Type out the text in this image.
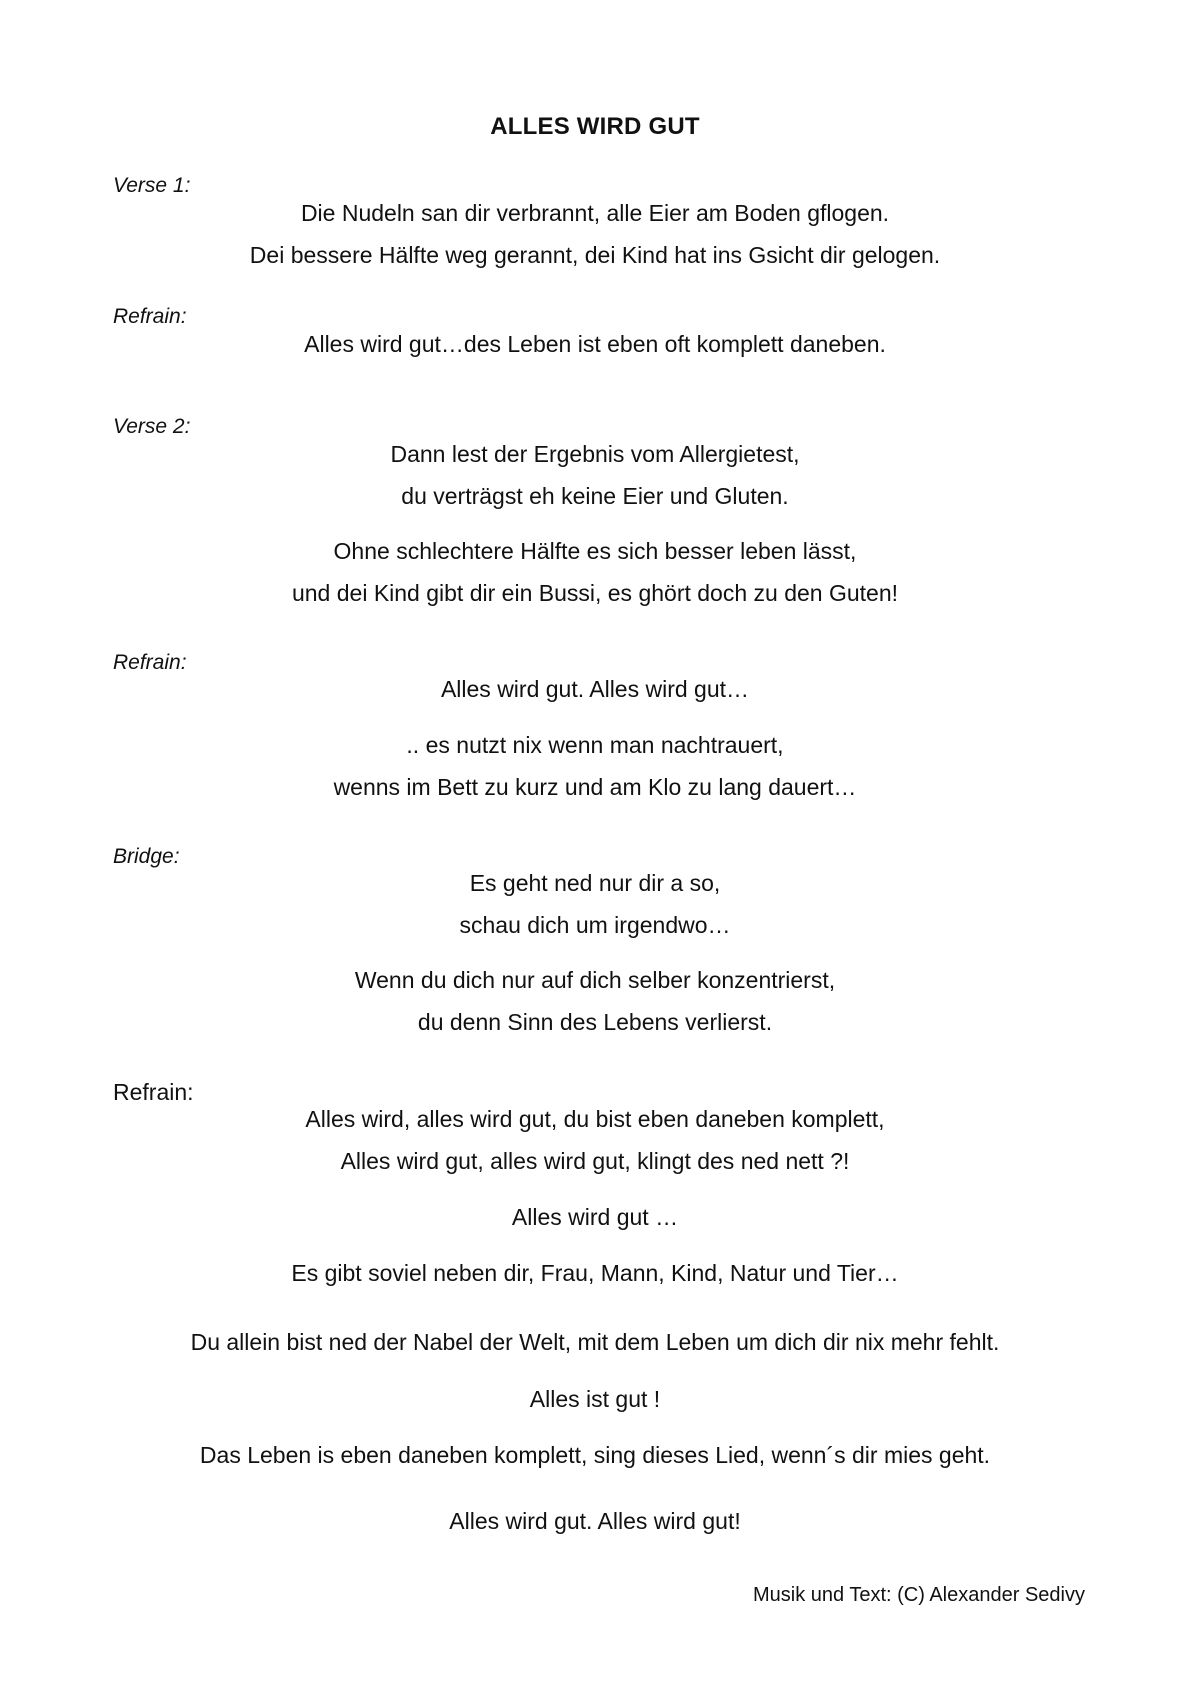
ALLES WIRD GUT
Verse 1:
Die Nudeln san dir verbrannt, alle Eier am Boden gflogen.
Dei bessere Hälfte weg gerannt, dei Kind hat ins Gsicht dir gelogen.
Refrain:
Alles wird gut…des Leben ist eben oft komplett daneben.
Verse 2:
Dann lest der Ergebnis vom Allergietest,
du verträgst eh keine Eier und Gluten.
Ohne schlechtere Hälfte es sich besser leben lässt,
und dei Kind gibt dir ein Bussi, es ghört doch zu den Guten!
Refrain:
Alles wird gut. Alles wird gut…
.. es nutzt nix wenn man nachtrauert,
wenns im Bett zu kurz und am Klo zu lang dauert…
Bridge:
Es geht ned nur dir a so,
schau dich um irgendwo…
Wenn du dich nur auf dich selber konzentrierst,
du denn Sinn des Lebens verlierst.
Refrain:
Alles wird, alles wird gut, du bist eben daneben komplett,
Alles wird gut, alles wird gut, klingt des ned nett ?!
Alles wird gut …
Es gibt soviel neben dir, Frau, Mann, Kind, Natur und Tier…
Du allein bist ned der Nabel der Welt, mit dem Leben um dich dir nix mehr fehlt.
Alles ist gut !
Das Leben is eben daneben komplett, sing dieses Lied, wenn´s dir mies geht.
Alles wird gut. Alles wird gut!
Musik und Text: (C) Alexander Sedivy
